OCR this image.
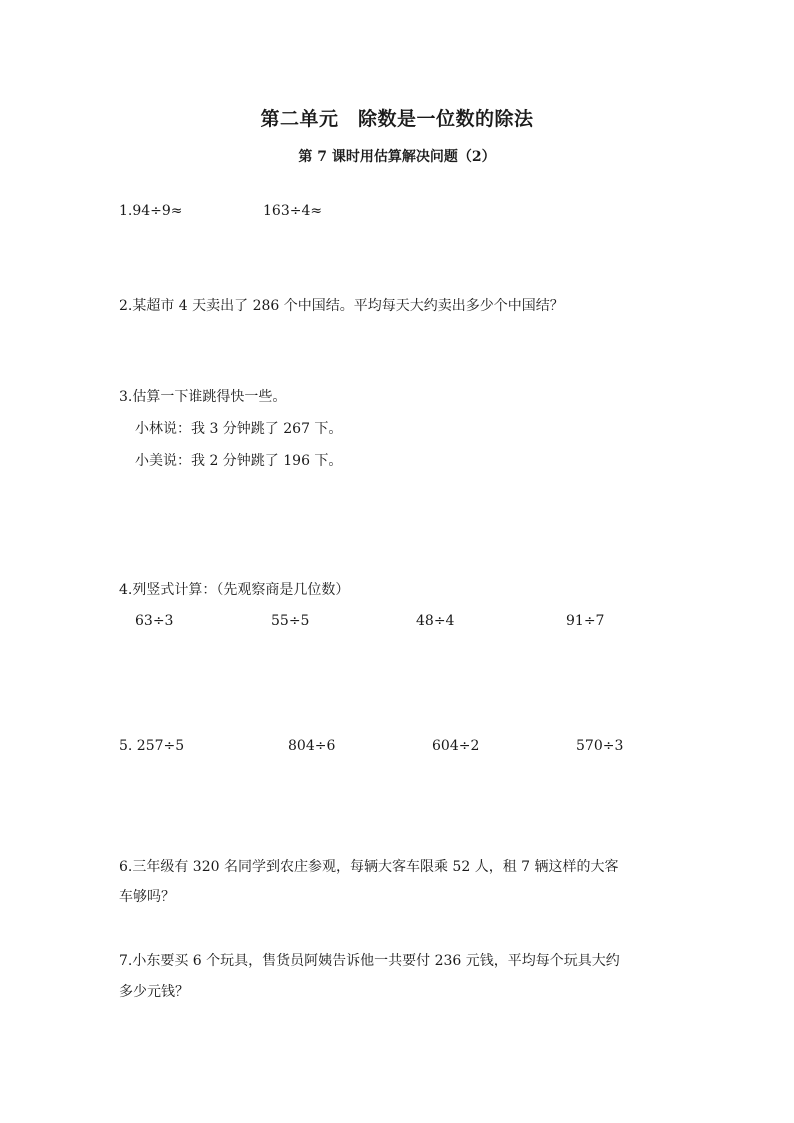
第二单元　除数是一位数的除法
第 7 课时用估算解决问题（2）
1.94÷9≈	163÷4≈
2.某超市 4 天卖出了 286 个中国结。平均每天大约卖出多少个中国结？
3.估算一下谁跳得快一些。
小林说：我 3 分钟跳了 267 下。
小美说：我 2 分钟跳了 196 下。
4.列竖式计算：（先观察商是几位数）
63÷3	55÷5	48÷4	91÷7
5. 257÷5	804÷6	604÷2	570÷3
6.三年级有 320 名同学到农庄参观，每辆大客车限乘 52 人，租 7 辆这样的大客
车够吗？
7.小东要买 6 个玩具，售货员阿姨告诉他一共要付 236 元钱，平均每个玩具大约
多少元钱？
